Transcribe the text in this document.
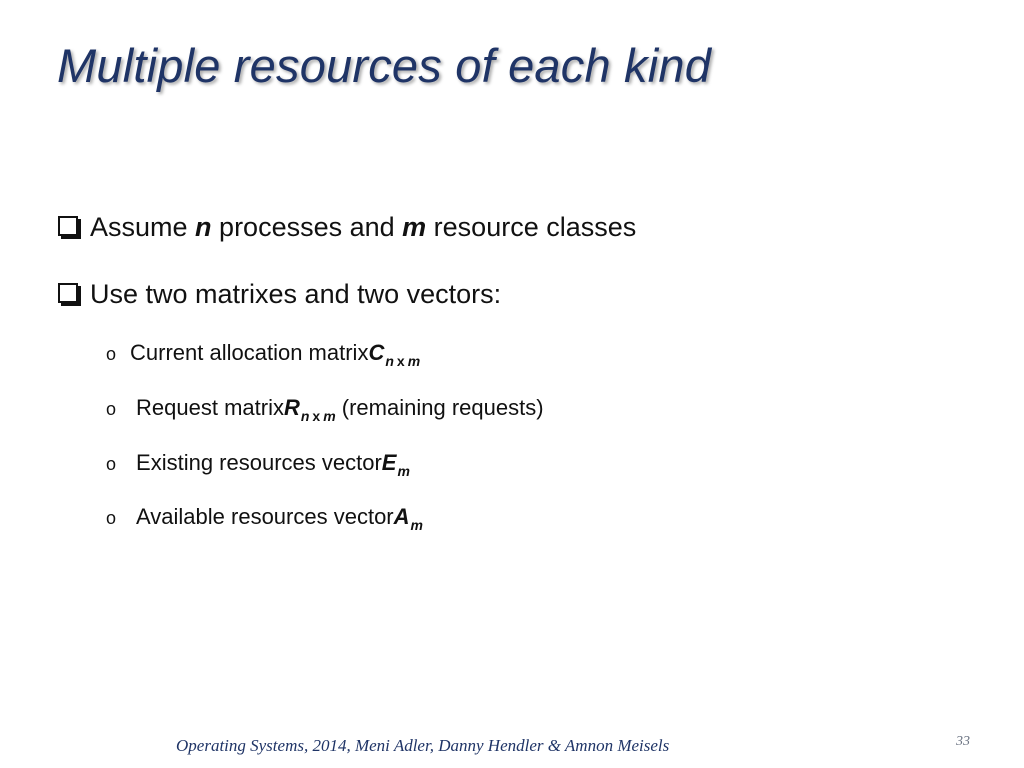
Multiple resources of each kind
Assume n processes and m resource classes
Use two matrixes and two vectors:
o Current allocation matrix C n x m
o Request matrix R n x m (remaining requests)
o Existing resources vector E m
o Available resources vector A m
Operating Systems, 2014, Meni Adler, Danny Hendler & Amnon Meisels	33
